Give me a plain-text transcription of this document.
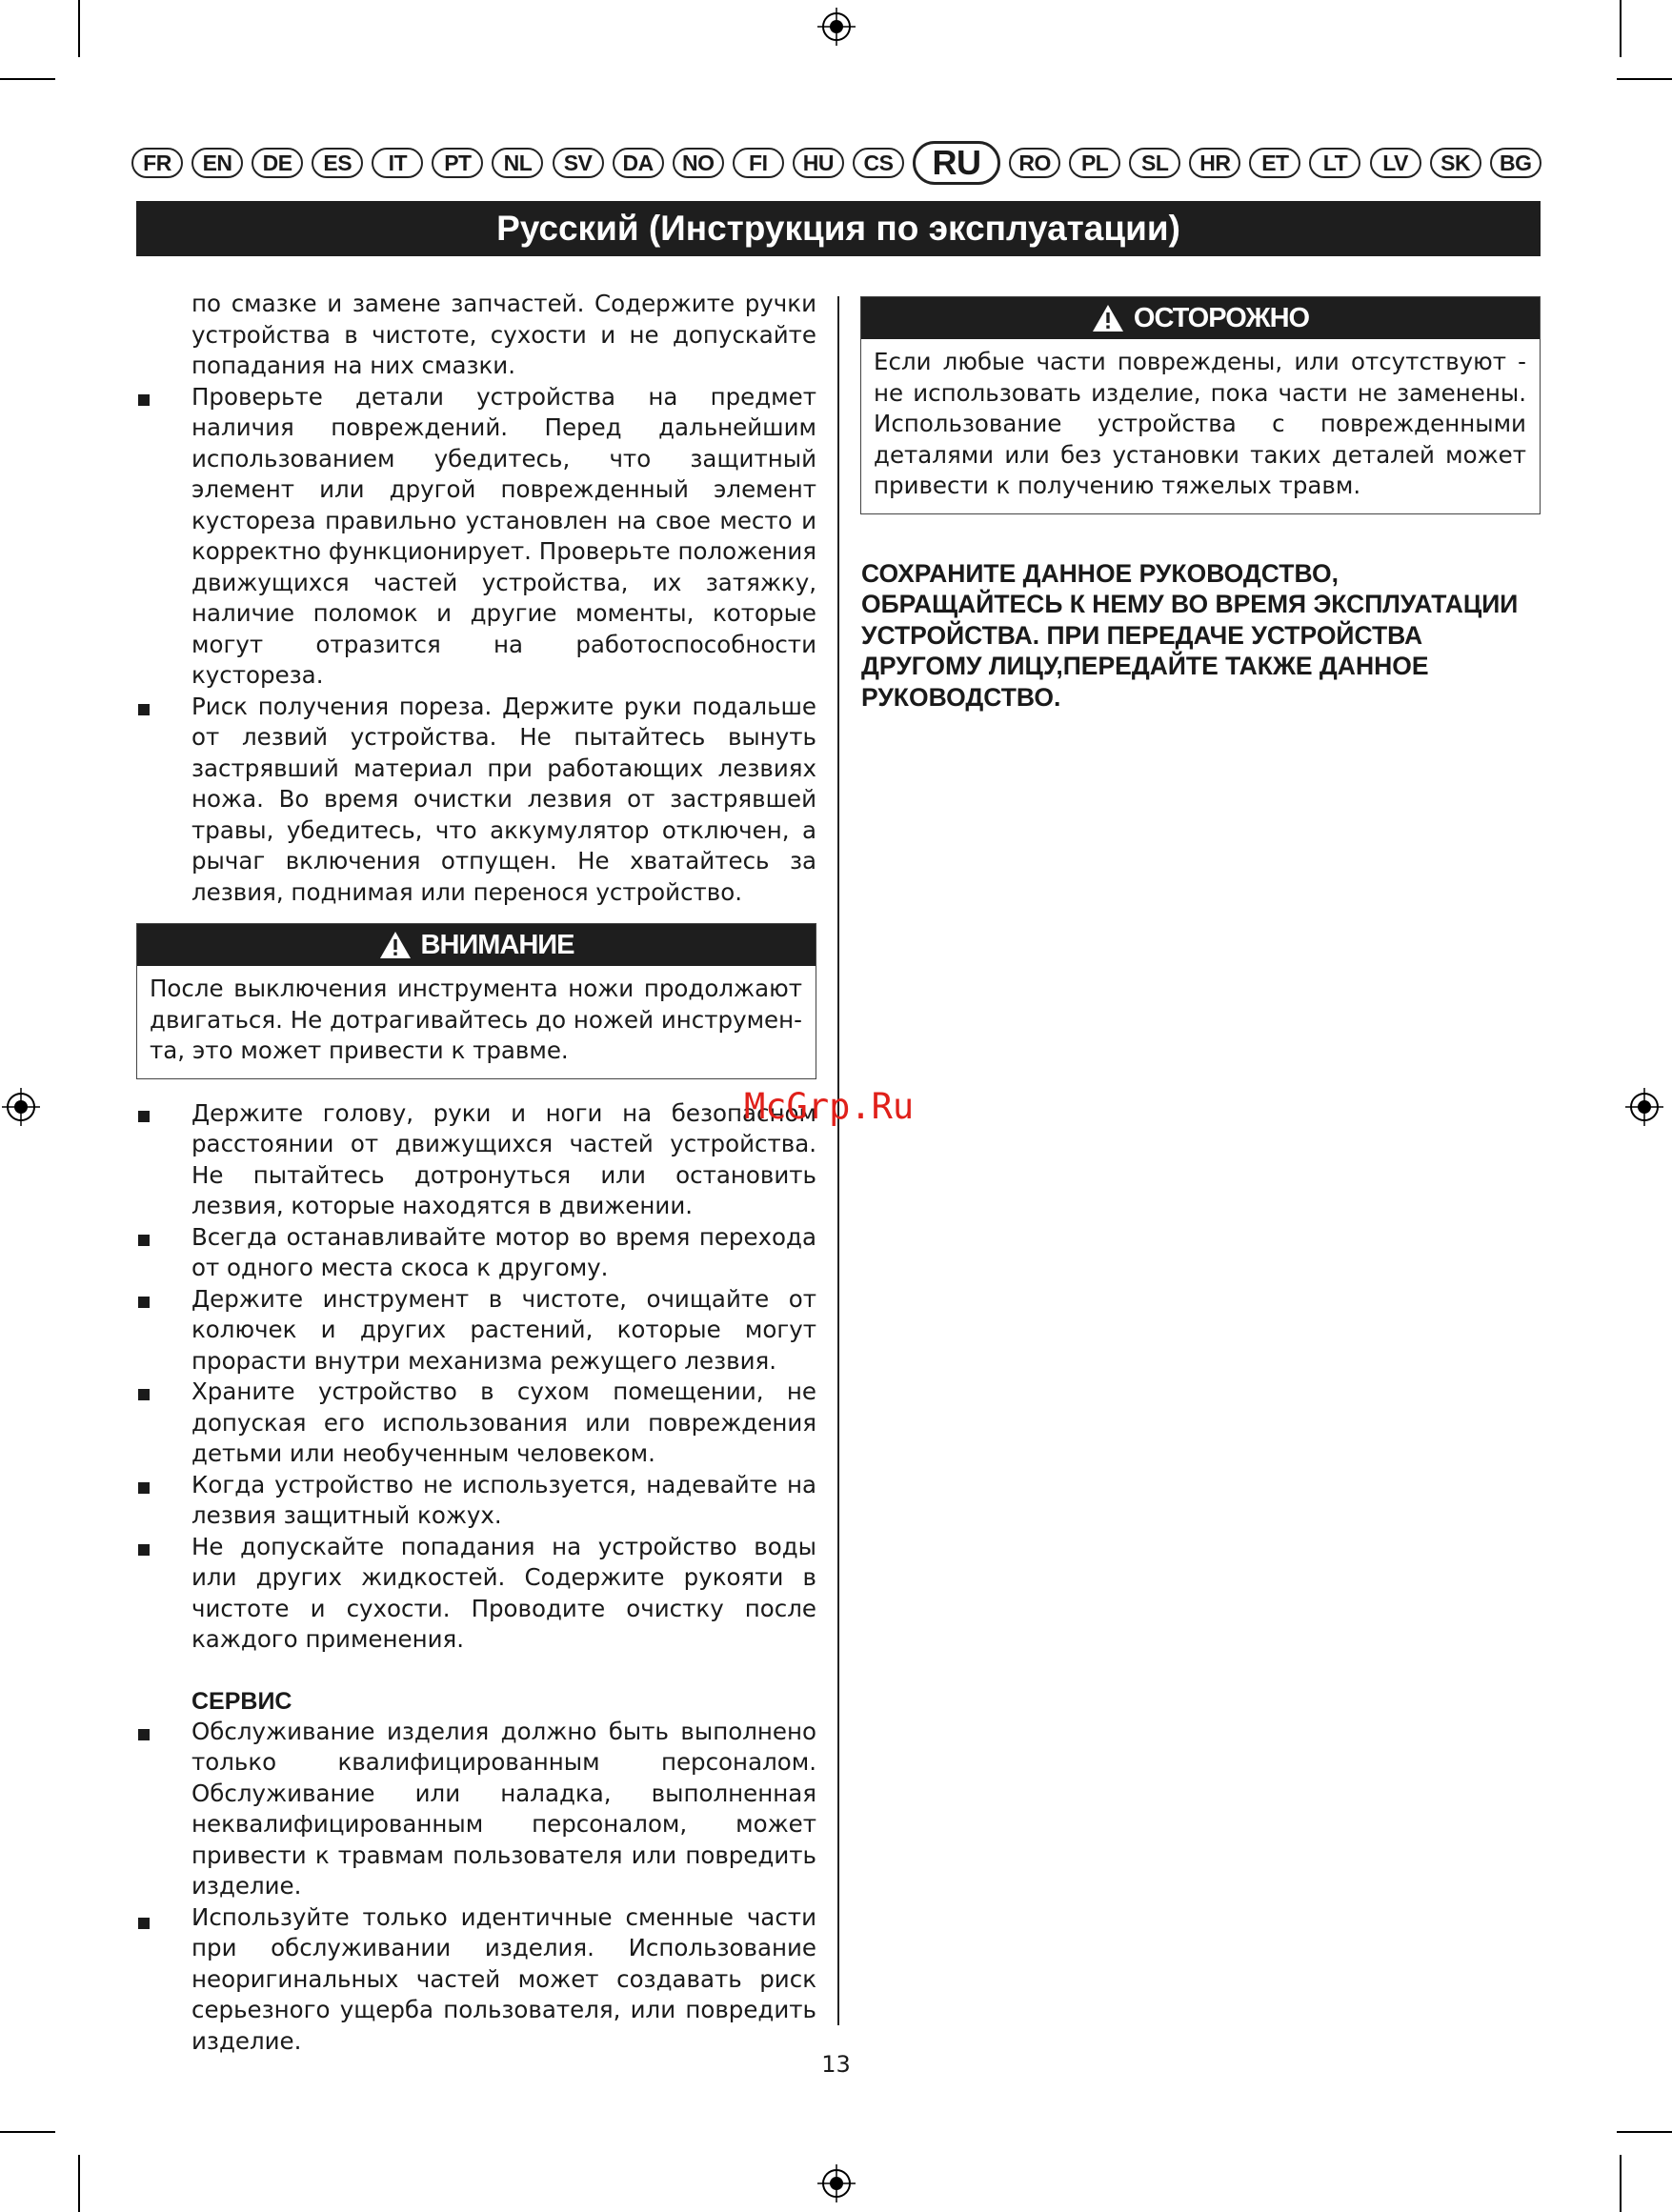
FR	EN	DE	ES	IT	PT	NL	SV	DA	NO	FI	HU	CS	RU	RO	PL	SL	HR	ET	LT	LV	SK	BG
Русский (Инструкция по эксплуатации)

по смазке и замене запчастей. Содержите ручки устройства в чистоте, сухости и не допускайте попадания на них смазки.

Проверьте детали устройства на предмет наличия повреждений. Перед дальнейшим использованием убедитесь, что защитный элемент или другой поврежденный элемент кустореза правильно установлен на свое место и корректно функционирует. Проверьте положения движущихся частей устройства, их затяжку, наличие поломок и другие моменты, которые могут отразится на работоспособности кустореза.

Риск получения пореза. Держите руки подальше от лезвий устройства. Не пытайтесь вынуть застрявший материал при работающих лезвиях ножа. Во время очистки лезвия от застрявшей травы, убедитесь, что аккумулятор отключен, а рычаг включения отпущен. Не хватайтесь за лезвия, поднимая или перенося устройство.

ВНИМАНИЕ

После выключения инструмента ножи продолжают двигаться. Не дотрагивайтесь до ножей инструмен-та, это может привести к травме.

Держите голову, руки и ноги на безопасном расстоянии от движущихся частей устройства. Не пытайтесь дотронуться или остановить лезвия, которые находятся в движении.

Всегда останавливайте мотор во время перехода от одного места скоса к другому.

Держите инструмент в чистоте, очищайте от колючек и других растений, которые могут прорасти внутри механизма режущего лезвия.

Храните устройство в сухом помещении, не допуская его использования или повреждения детьми или необученным человеком.

Когда устройство не используется, надевайте на лезвия защитный кожух.

Не допускайте попадания на устройство воды или других жидкостей. Содержите рукояти в чистоте и сухости. Проводите очистку после каждого применения.

СЕРВИС

Обслуживание изделия должно быть выполнено только квалифицированным персоналом. Обслуживание или наладка, выполненная неквалифицированным персоналом, может привести к травмам пользователя или повредить изделие.

Используйте только идентичные сменные части при обслуживании изделия. Использование неоригинальных частей может создавать риск серьезного ущерба пользователя, или повредить изделие.

ОСТОРОЖНО

Если любые части повреждены, или отсутствуют - не использовать изделие, пока части не заменены. Использование устройства с поврежденными деталями или без установки таких деталей может привести к получению тяжелых травм.

СОХРАНИТЕ ДАННОЕ РУКОВОДСТВО, ОБРАЩАЙТЕСЬ К НЕМУ ВО ВРЕМЯ ЭКСПЛУАТАЦИИ УСТРОЙСТВА. ПРИ ПЕРЕДАЧЕ УСТРОЙСТВА ДРУГОМУ ЛИЦУ,ПЕРЕДАЙТЕ ТАКЖЕ ДАННОЕ РУКОВОДСТВО.
McGrp.Ru
13
